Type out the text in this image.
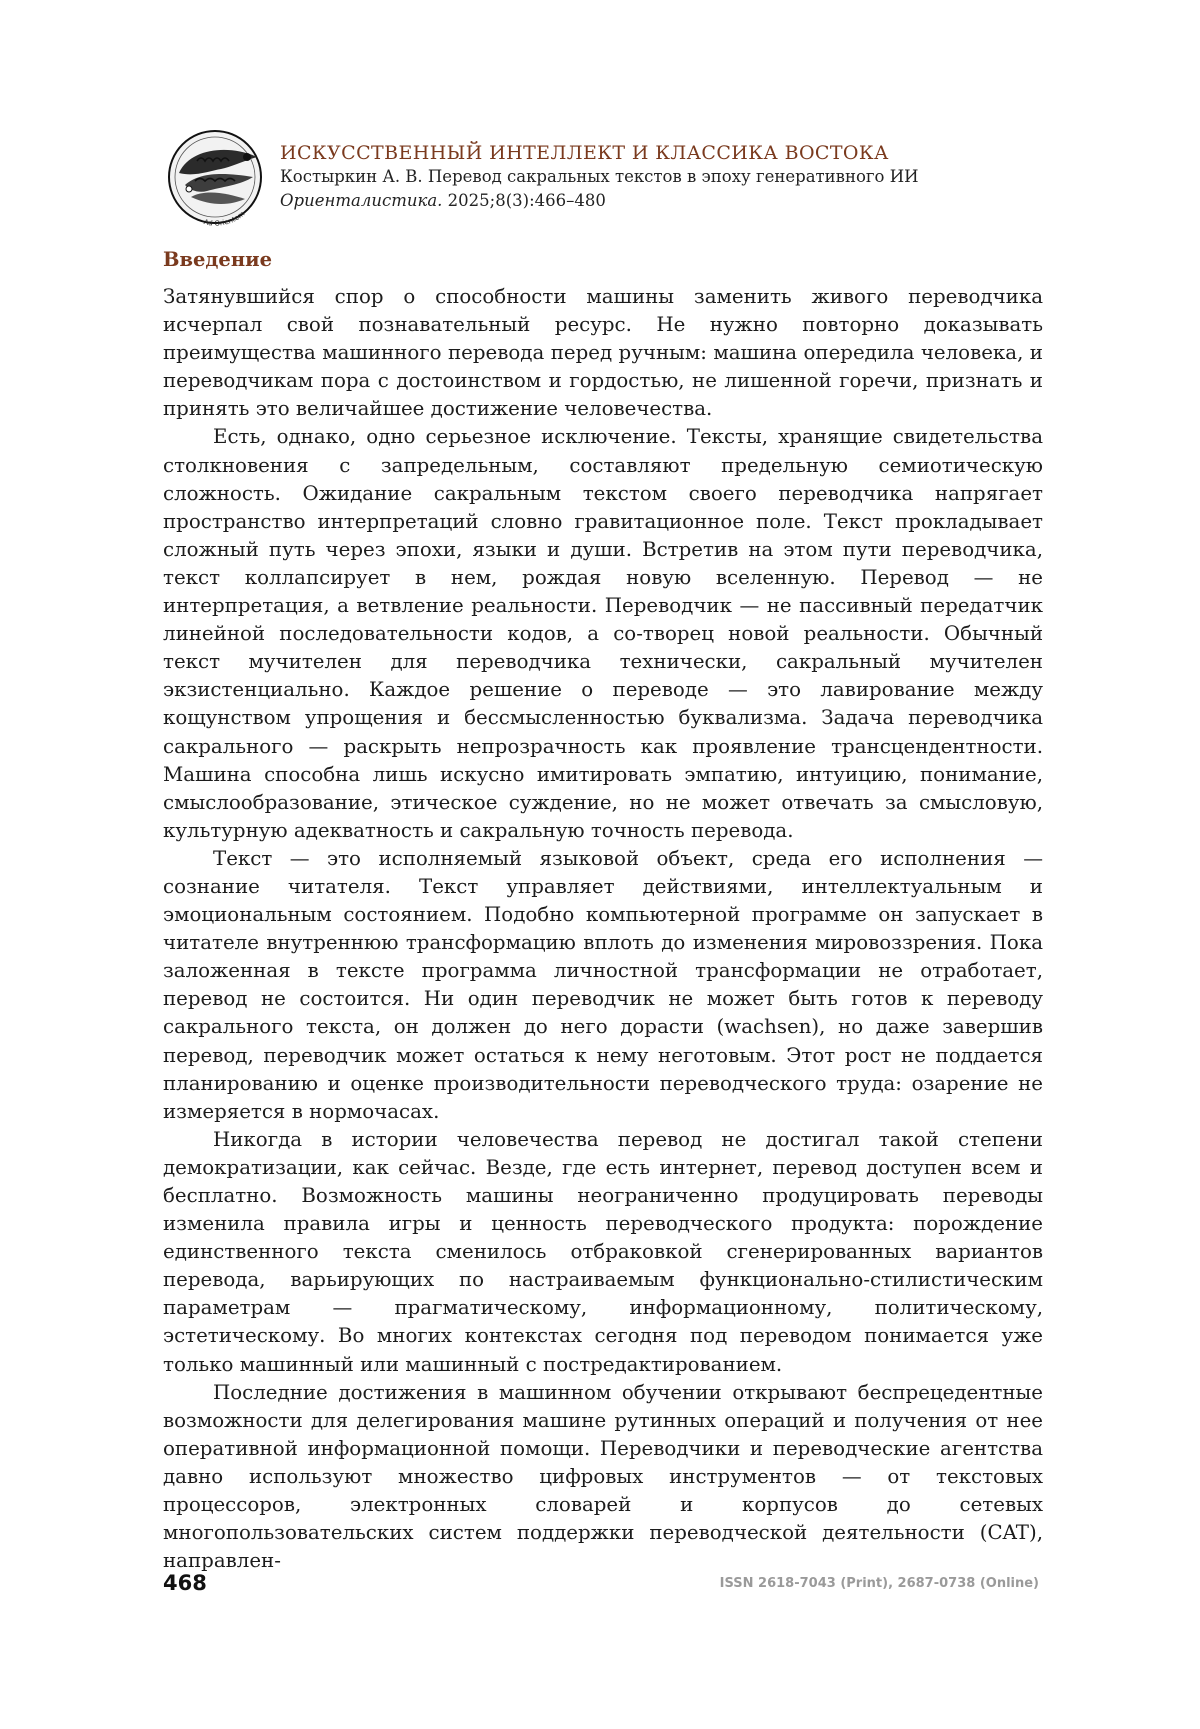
Ad Orientem
ИСКУССТВЕННЫЙ ИНТЕЛЛЕКТ И КЛАССИКА ВОСТОКА
Костыркин А. В. Перевод сакральных текстов в эпоху генеративного ИИ
Ориенталистика. 2025;8(3):466–480
Введение

Затянувшийся спор о способности машины заменить живого переводчика исчерпал свой познавательный ресурс. Не нужно повторно доказывать преимущества машинного перевода перед ручным: машина опередила человека, и переводчикам пора с достоинством и гордостью, не лишенной горечи, признать и принять это величайшее достижение человечества.

Есть, однако, одно серьезное исключение. Тексты, хранящие свидетельства столкновения с запредельным, составляют предельную семиотическую сложность. Ожидание сакральным текстом своего переводчика напрягает пространство интерпретаций словно гравитационное поле. Текст прокладывает сложный путь через эпохи, языки и души. Встретив на этом пути переводчика, текст коллапсирует в нем, рождая новую вселенную. Перевод — не интерпретация, а ветвление реальности. Переводчик — не пассивный передатчик линейной последовательности кодов, а со-творец новой реальности. Обычный текст мучителен для переводчика технически, сакральный мучителен экзистенциально. Каждое решение о переводе — это лавирование между кощунством упрощения и бессмысленностью буквализма. Задача переводчика сакрального — раскрыть непрозрачность как проявление трансцендентности. Машина способна лишь искусно имитировать эмпатию, интуицию, понимание, смыслообразование, этическое суждение, но не может отвечать за смысловую, культурную адекватность и сакральную точность перевода.

Текст — это исполняемый языковой объект, среда его исполнения — сознание читателя. Текст управляет действиями, интеллектуальным и эмоциональным состоянием. Подобно компьютерной программе он запускает в читателе внутреннюю трансформацию вплоть до изменения мировоззрения. Пока заложенная в тексте программа личностной трансформации не отработает, перевод не состоится. Ни один переводчик не может быть готов к переводу сакрального текста, он должен до него дорасти (wachsen), но даже завершив перевод, переводчик может остаться к нему неготовым. Этот рост не поддается планированию и оценке производительности переводческого труда: озарение не измеряется в нормочасах.

Никогда в истории человечества перевод не достигал такой степени демократизации, как сейчас. Везде, где есть интернет, перевод доступен всем и бесплатно. Возможность машины неограниченно продуцировать переводы изменила правила игры и ценность переводческого продукта: порождение единственного текста сменилось отбраковкой сгенерированных вариантов перевода, варьирующих по настраиваемым функционально-стилистическим параметрам — прагматическому, информационному, политическому, эстетическому. Во многих контекстах сегодня под переводом понимается уже только машинный или машинный с постредактированием.

Последние достижения в машинном обучении открывают беспрецедентные возможности для делегирования машине рутинных операций и получения от нее оперативной информационной помощи. Переводчики и переводческие агентства давно используют множество цифровых инструментов — от текстовых процессоров, электронных словарей и корпусов до сетевых многопользовательских систем поддержки переводческой деятельности (CAT), направлен-

468	ISSN 2618-7043 (Print), 2687-0738 (Online)
